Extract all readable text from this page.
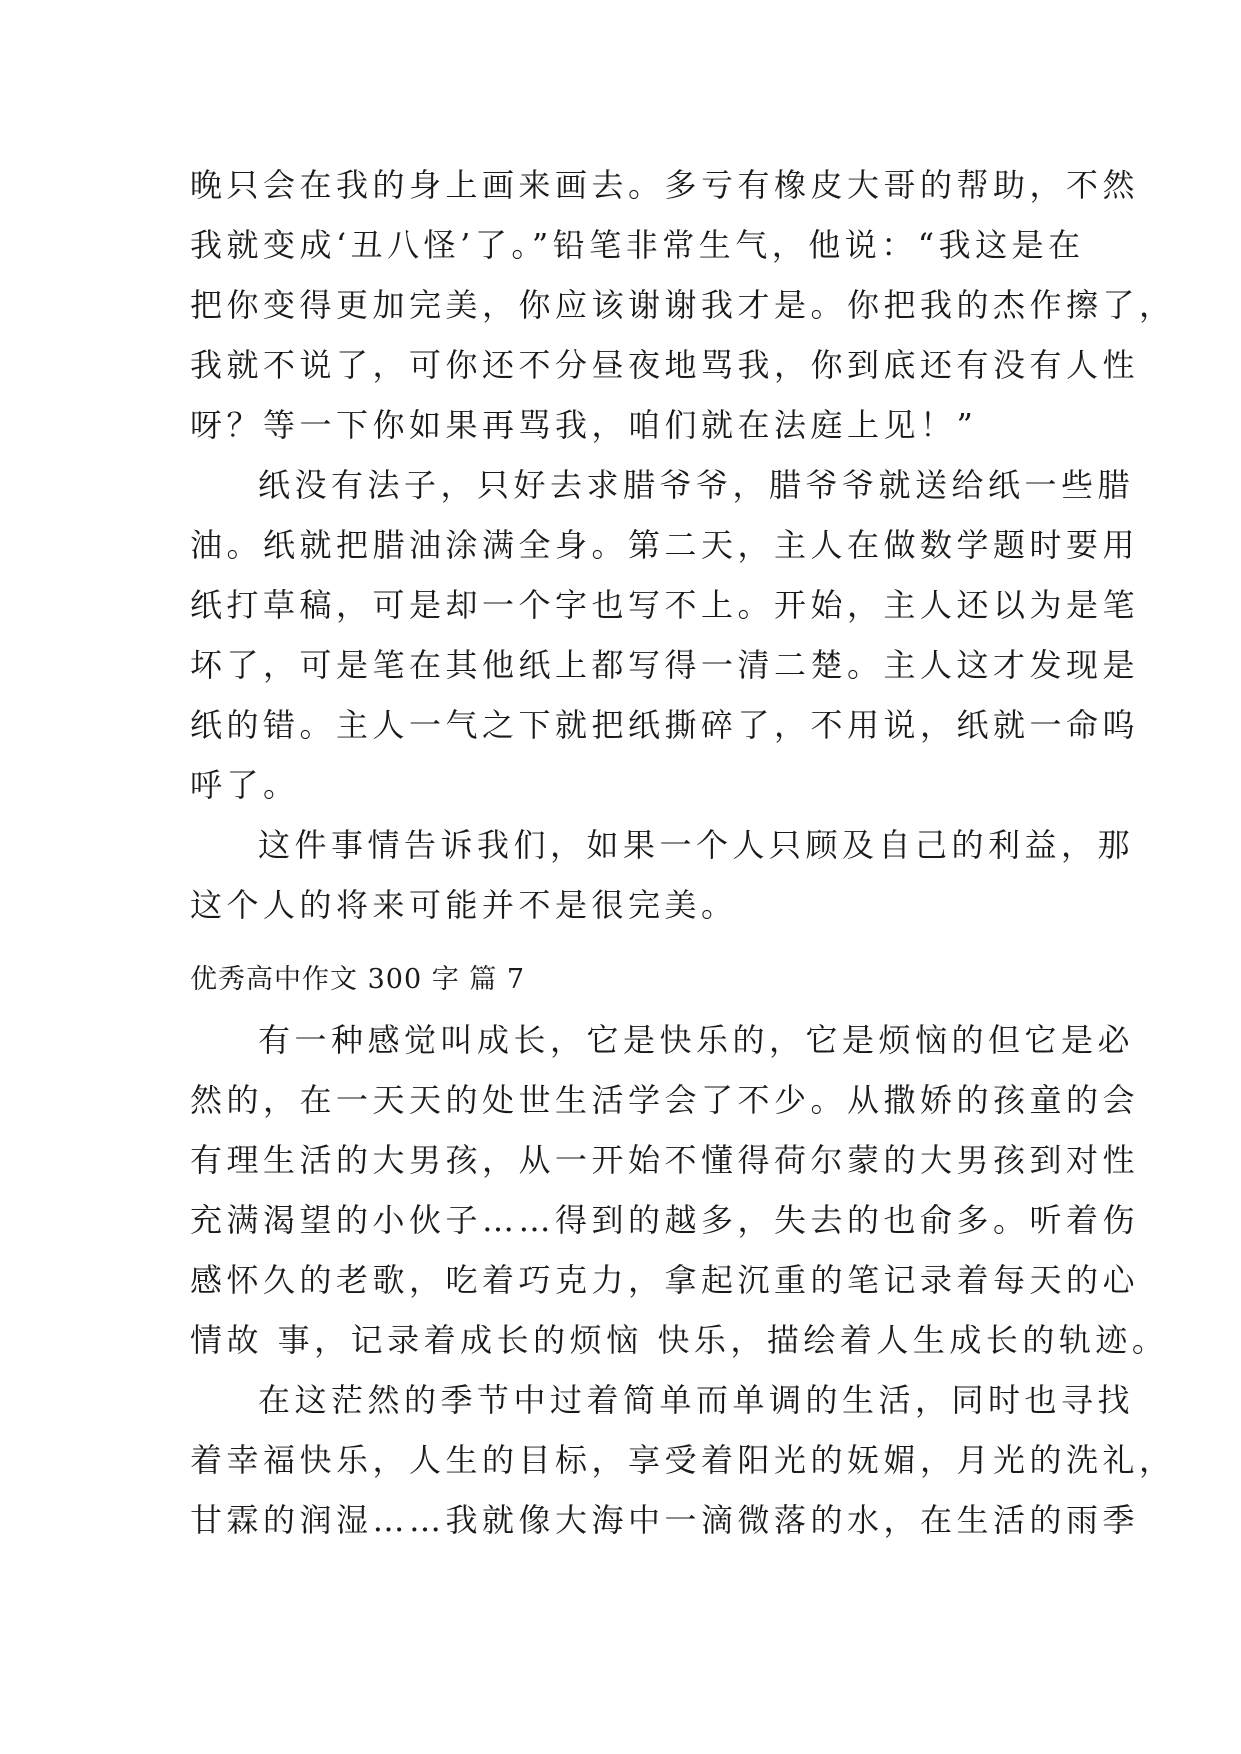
晚只会在我的身上画来画去。多亏有橡皮大哥的帮助，不然
我就变成‘丑八怪’了。”铅笔非常生气，他说：“我这是在
把你变得更加完美，你应该谢谢我才是。你把我的杰作擦了，
我就不说了，可你还不分昼夜地骂我，你到底还有没有人性
呀？等一下你如果再骂我，咱们就在法庭上见！”
纸没有法子，只好去求腊爷爷，腊爷爷就送给纸一些腊
油。纸就把腊油涂满全身。第二天，主人在做数学题时要用
纸打草稿，可是却一个字也写不上。开始，主人还以为是笔
坏了，可是笔在其他纸上都写得一清二楚。主人这才发现是
纸的错。主人一气之下就把纸撕碎了，不用说，纸就一命呜
呼了。
这件事情告诉我们，如果一个人只顾及自己的利益，那
这个人的将来可能并不是很完美。
优秀高中作文 300 字 篇 7
有一种感觉叫成长，它是快乐的，它是烦恼的但它是必
然的，在一天天的处世生活学会了不少。从撒娇的孩童的会
有理生活的大男孩，从一开始不懂得荷尔蒙的大男孩到对性
充满渴望的小伙子……得到的越多，失去的也俞多。听着伤
感怀久的老歌，吃着巧克力，拿起沉重的笔记录着每天的心
情故 事，记录着成长的烦恼 快乐，描绘着人生成长的轨迹。
在这茫然的季节中过着简单而单调的生活，同时也寻找
着幸福快乐，人生的目标，享受着阳光的妩媚，月光的洗礼，
甘霖的润湿……我就像大海中一滴微落的水，在生活的雨季
